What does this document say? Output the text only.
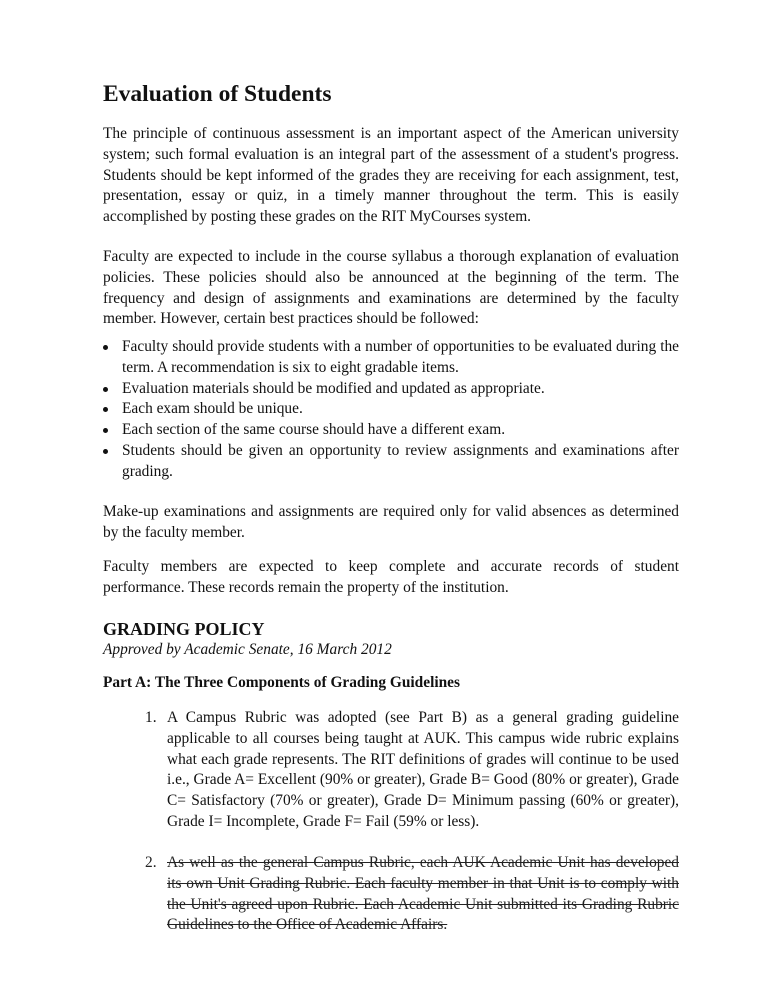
Evaluation of Students

The principle of continuous assessment is an important aspect of the American university system; such formal evaluation is an integral part of the assessment of a student's progress. Students should be kept informed of the grades they are receiving for each assignment, test, presentation, essay or quiz, in a timely manner throughout the term. This is easily accomplished by posting these grades on the RIT MyCourses system.

Faculty are expected to include in the course syllabus a thorough explanation of evaluation policies. These policies should also be announced at the beginning of the term. The frequency and design of assignments and examinations are determined by the faculty member. However, certain best practices should be followed:

Faculty should provide students with a number of opportunities to be evaluated during the term. A recommendation is six to eight gradable items.
Evaluation materials should be modified and updated as appropriate.
Each exam should be unique.
Each section of the same course should have a different exam.
Students should be given an opportunity to review assignments and examinations after grading.

Make-up examinations and assignments are required only for valid absences as determined by the faculty member.

Faculty members are expected to keep complete and accurate records of student performance. These records remain the property of the institution.

GRADING POLICY

Approved by Academic Senate, 16 March 2012

Part A: The Three Components of Grading Guidelines

1. A Campus Rubric was adopted (see Part B) as a general grading guideline applicable to all courses being taught at AUK. This campus wide rubric explains what each grade represents. The RIT definitions of grades will continue to be used i.e., Grade A= Excellent (90% or greater), Grade B= Good (80% or greater), Grade C= Satisfactory (70% or greater), Grade D= Minimum passing (60% or greater), Grade I= Incomplete, Grade F= Fail (59% or less).
2. As well as the general Campus Rubric, each AUK Academic Unit has developed its own Unit Grading Rubric. Each faculty member in that Unit is to comply with the Unit's agreed upon Rubric. Each Academic Unit submitted its Grading Rubric Guidelines to the Office of Academic Affairs.
